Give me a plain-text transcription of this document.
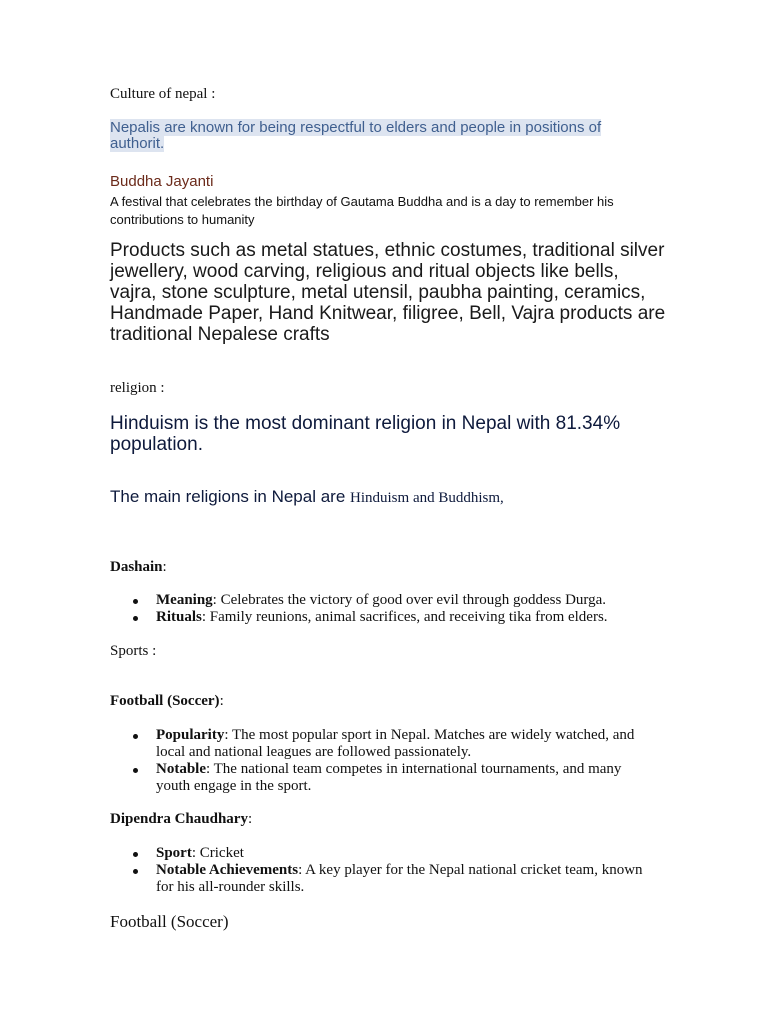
Culture of nepal :

Nepalis are known for being respectful to elders and people in positions of authorit.

Buddha Jayanti

A festival that celebrates the birthday of Gautama Buddha and is a day to remember his contributions to humanity

Products such as metal statues, ethnic costumes, traditional silver jewellery, wood carving, religious and ritual objects like bells, vajra, stone sculpture, metal utensil, paubha painting, ceramics, Handmade Paper, Hand Knitwear, filigree, Bell, Vajra products are traditional Nepalese crafts

religion :

Hinduism is the most dominant religion in Nepal with 81.34% population.

The main religions in Nepal are Hinduism and Buddhism,

Dashain:

Meaning: Celebrates the victory of good over evil through goddess Durga.
Rituals: Family reunions, animal sacrifices, and receiving tika from elders.

Sports :

Football (Soccer):

Popularity: The most popular sport in Nepal. Matches are widely watched, and local and national leagues are followed passionately.
Notable: The national team competes in international tournaments, and many youth engage in the sport.

Dipendra Chaudhary:

Sport: Cricket
Notable Achievements: A key player for the Nepal national cricket team, known for his all-rounder skills.

Football (Soccer)
